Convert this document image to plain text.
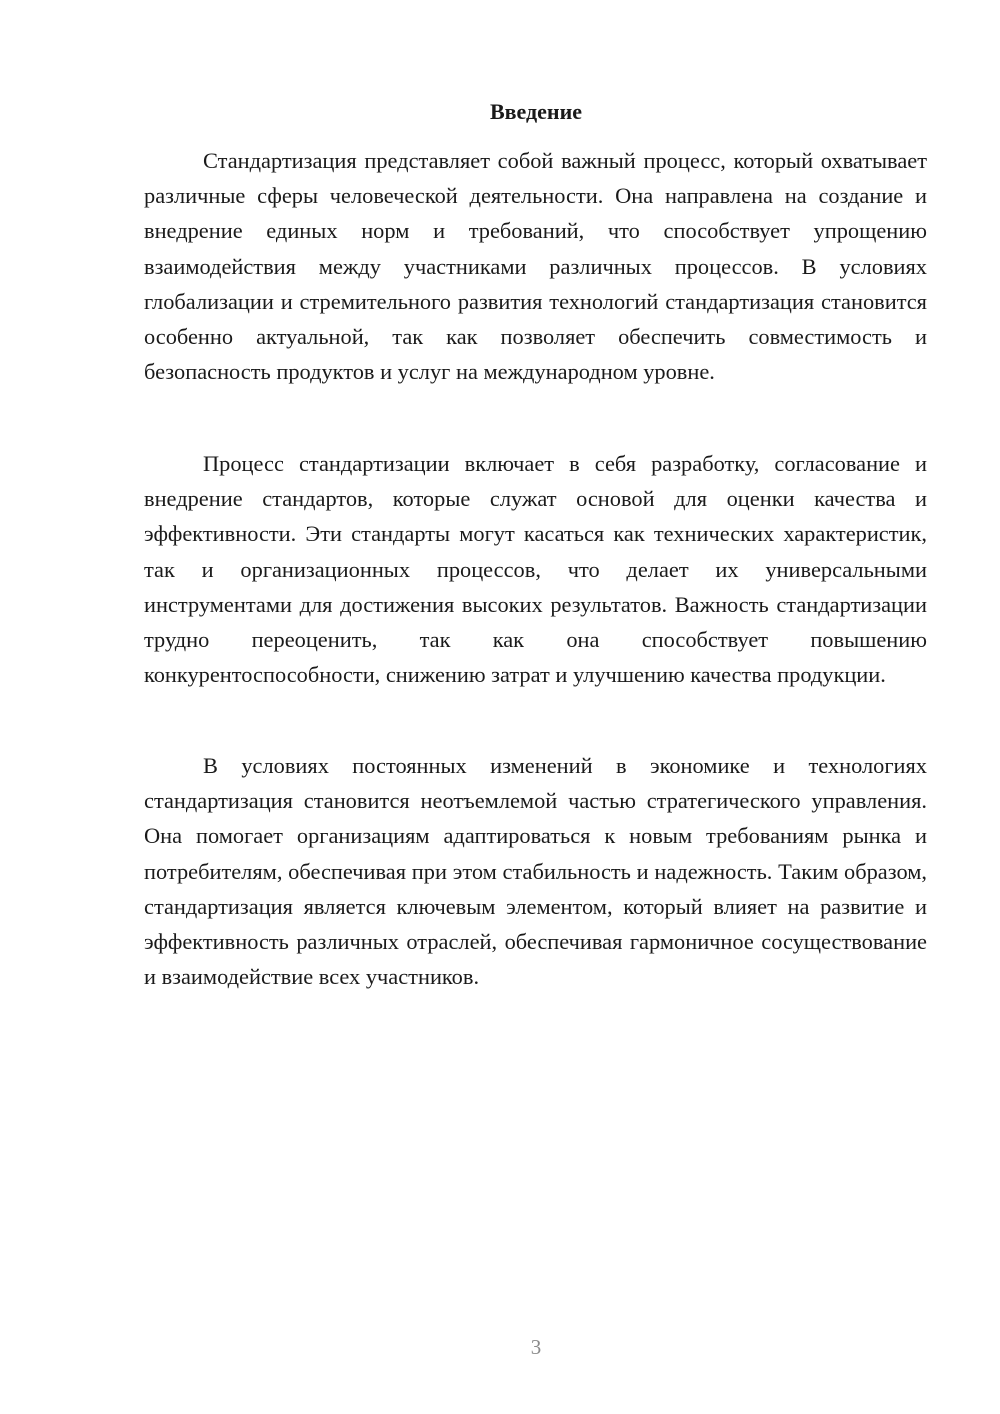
Введение

Стандартизация представляет собой важный процесс, который охватывает различные сферы человеческой деятельности. Она направлена на создание и внедрение единых норм и требований, что способствует упрощению взаимодействия между участниками различных процессов. В условиях глобализации и стремительного развития технологий стандартизация становится особенно актуальной, так как позволяет обеспечить совместимость и безопасность продуктов и услуг на международном уровне.

Процесс стандартизации включает в себя разработку, согласование и внедрение стандартов, которые служат основой для оценки качества и эффективности. Эти стандарты могут касаться как технических характеристик, так и организационных процессов, что делает их универсальными инструментами для достижения высоких результатов. Важность стандартизации трудно переоценить, так как она способствует повышению конкурентоспособности, снижению затрат и улучшению качества продукции.

В условиях постоянных изменений в экономике и технологиях стандартизация становится неотъемлемой частью стратегического управления. Она помогает организациям адаптироваться к новым требованиям рынка и потребителям, обеспечивая при этом стабильность и надежность. Таким образом, стандартизация является ключевым элементом, который влияет на развитие и эффективность различных отраслей, обеспечивая гармоничное сосуществование и взаимодействие всех участников.

3
